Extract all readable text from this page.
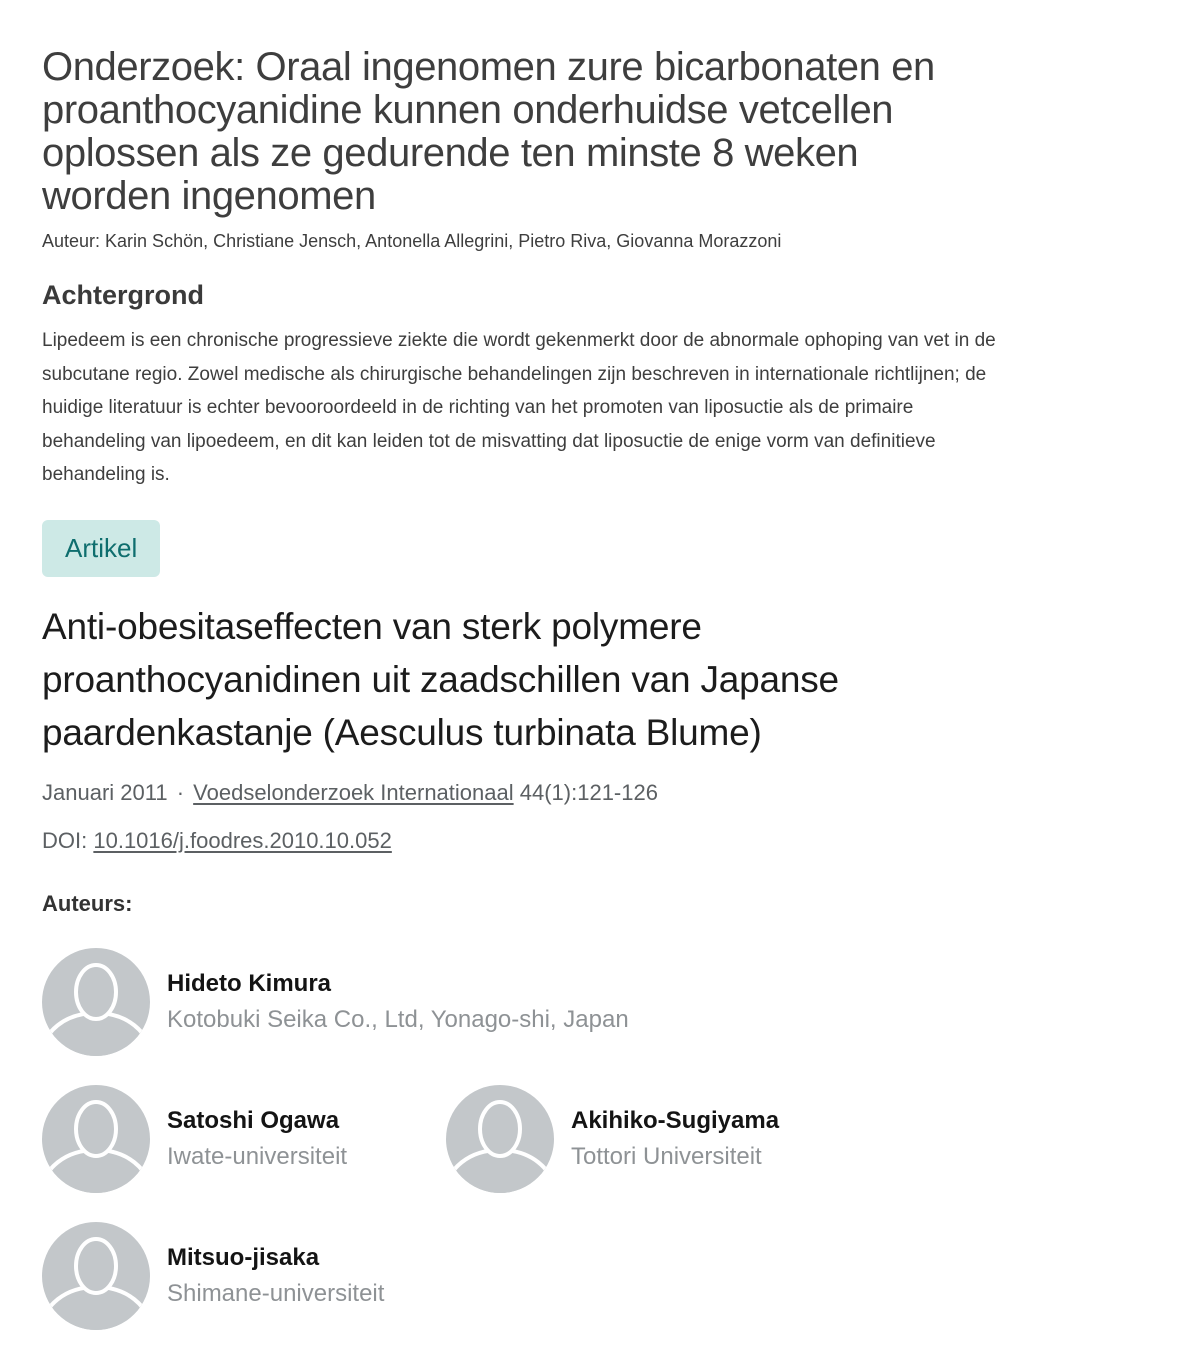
Onderzoek: Oraal ingenomen zure bicarbonaten en
proanthocyanidine kunnen onderhuidse vetcellen
oplossen als ze gedurende ten minste 8 weken
worden ingenomen

Auteur: Karin Schön, Christiane Jensch, Antonella Allegrini, Pietro Riva, Giovanna Morazzoni

Achtergrond
Lipedeem is een chronische progressieve ziekte die wordt gekenmerkt door de abnormale ophoping van vet in de
subcutane regio. Zowel medische als chirurgische behandelingen zijn beschreven in internationale richtlijnen; de
huidige literatuur is echter bevooroordeeld in de richting van het promoten van liposuctie als de primaire
behandeling van lipoedeem, en dit kan leiden tot de misvatting dat liposuctie de enige vorm van definitieve
behandeling is.
Artikel
Anti-obesitaseffecten van sterk polymere
proanthocyanidinen uit zaadschillen van Japanse
paardenkastanje (Aesculus turbinata Blume)
Januari 2011 · Voedselonderzoek Internationaal 44(1):121-126
DOI: 10.1016/j.foodres.2010.10.052
Auteurs:
Hideto Kimura
Kotobuki Seika Co., Ltd, Yonago-shi, Japan
Satoshi Ogawa
Iwate-universiteit
Akihiko-Sugiyama
Tottori Universiteit
Mitsuo-jisaka
Shimane-universiteit
